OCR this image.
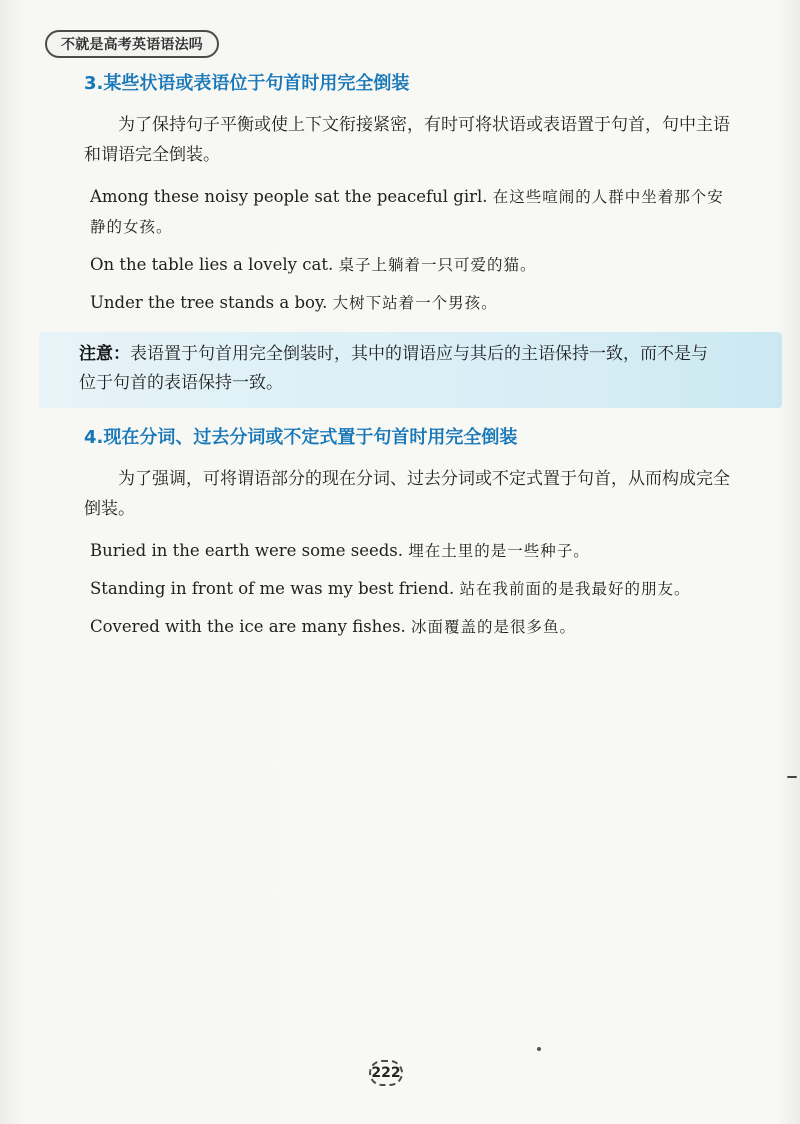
不就是高考英语语法吗
3.某些状语或表语位于句首时用完全倒装

为了保持句子平衡或使上下文衔接紧密，有时可将状语或表语置于句首，句中主语和谓语完全倒装。

Among these noisy people sat the peaceful girl. 在这些喧闹的人群中坐着那个安静的女孩。

On the table lies a lovely cat. 桌子上躺着一只可爱的猫。

Under the tree stands a boy. 大树下站着一个男孩。

注意：表语置于句首用完全倒装时，其中的谓语应与其后的主语保持一致，而不是与位于句首的表语保持一致。

4.现在分词、过去分词或不定式置于句首时用完全倒装

为了强调，可将谓语部分的现在分词、过去分词或不定式置于句首，从而构成完全倒装。

Buried in the earth were some seeds. 埋在土里的是一些种子。

Standing in front of me was my best friend. 站在我前面的是我最好的朋友。

Covered with the ice are many fishes. 冰面覆盖的是很多鱼。

222
